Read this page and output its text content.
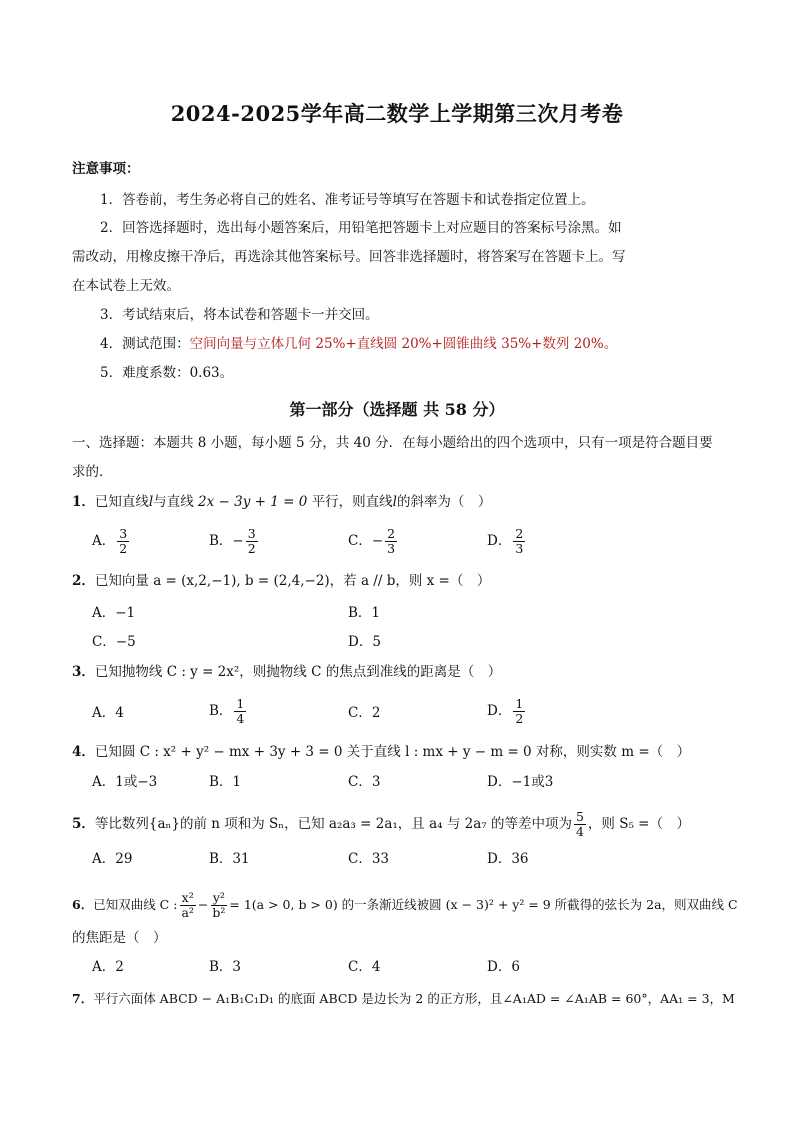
2024-2025学年高二数学上学期第三次月考卷
注意事项：
1．答卷前，考生务必将自己的姓名、准考证号等填写在答题卡和试卷指定位置上。
2．回答选择题时，选出每小题答案后，用铅笔把答题卡上对应题目的答案标号涂黑。如
需改动，用橡皮擦干净后，再选涂其他答案标号。回答非选择题时，将答案写在答题卡上。写
在本试卷上无效。
3．考试结束后，将本试卷和答题卡一并交回。
4．测试范围：空间向量与立体几何 25%+直线圆 20%+圆锥曲线 35%+数列 20%。
5．难度系数：0.63。
第一部分（选择题 共 58 分）
一、选择题：本题共 8 小题，每小题 5 分，共 40 分．在每小题给出的四个选项中，只有一项是符合题目要
求的．
1．已知直线l与直线 2x − 3y + 1 = 0 平行，则直线l的斜率为（　）
A． $\frac{3}{2}$	B．− $\frac{3}{2}$	C．− $\frac{2}{3}$	D． $\frac{2}{3}$
2．已知向量 a = (x,2,−1), b = (2,4,−2)，若 a // b，则 x =（　）
A．−1	B．1
C．−5	D．5
3．已知抛物线 C : y = 2x²，则抛物线 C 的焦点到准线的距离是（　）
A．4	B． $\frac{1}{4}$	C．2	D． $\frac{1}{2}$
4．已知圆 C : x² + y² − mx + 3y + 3 = 0 关于直线 l : mx + y − m = 0 对称，则实数 m =（　）
A．1或−3	B．1	C．3	D．−1或3
5．等比数列{aₙ}的前 n 项和为 Sₙ，已知 a₂a₃ = 2a₁，且 a₄ 与 2a₇ 的等差中项为 $\frac{5}{4}$ ，则 S₅ =（　）
A．29	B．31	C．33	D．36
6．已知双曲线 C : $\frac{\text{x²}}{\text{a²}} - \frac{\text{y²}}{\text{b²}} = 1(a > 0$, b > 0) 的一条渐近线被圆 (x − 3)² + y² = 9 所截得的弦长为 2a，则双曲线 C
的焦距是（　）
A．2	B．3	C．4	D．6
7．平行六面体 ABCD − A₁B₁C₁D₁ 的底面 ABCD 是边长为 2 的正方形，且∠A₁AD = ∠A₁AB = 60°，AA₁ = 3，M
